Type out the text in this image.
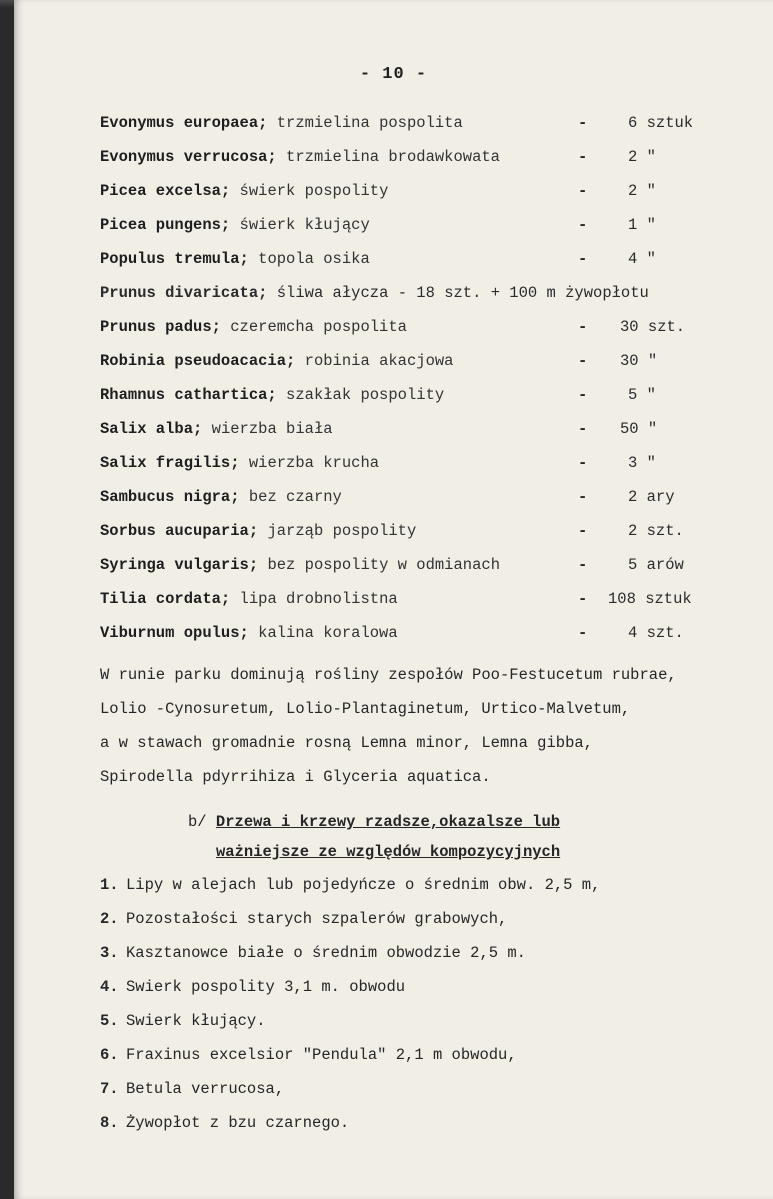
- 10 -
Evonymus europaea; trzmielina pospolita	-	6 sztuk
Evonymus verrucosa; trzmielina brodawkowata	-	2 "
Picea excelsa; świerk pospolity	-	2 "
Picea pungens; świerk kłujący	-	1 "
Populus tremula; topola osika	-	4 "
Prunus divaricata; śliwa ałycza - 18 szt. + 100 m żywopłotu
Prunus padus; czeremcha pospolita	- 30 szt.
Robinia pseudoacacia; robinia akacjowa	- 30 "
Rhamnus cathartica; szakłak pospolity	-	5 "
Salix alba; wierzba biała	- 50 "
Salix fragilis; wierzba krucha	-	3 "
Sambucus nigra; bez czarny	-	2 ary
Sorbus aucuparia; jarząb pospolity	-	2 szt.
Syringa vulgaris; bez pospolity w odmianach	-	5 arów
Tilia cordata; lipa drobnolistna	- 108 sztuk
Viburnum opulus; kalina koralowa	-	4 szt.
W runie parku dominują rośliny zespołów Poo-Festucetum rubrae,
Lolio -Cynosuretum, Lolio-Plantaginetum, Urtico-Malvetum,
a w stawach gromadnie rosną Lemna minor, Lemna gibba,
Spirodella pdyrrihiza i Glyceria aquatica.
b/ Drzewa i krzewy rzadsze,okazalsze lub
ważniejsze ze względów kompozycyjnych
1. Lipy w alejach lub pojedyńcze o średnim obw. 2,5 m,
2. Pozostałości starych szpalerów grabowych,
3. Kasztanowce białe o średnim obwodzie 2,5 m.
4. Swierk pospolity 3,1 m. obwodu
5. Swierk kłujący.
6. Fraxinus excelsior "Pendula" 2,1 m obwodu,
7. Betula verrucosa,
8. Żywopłot z bzu czarnego.
